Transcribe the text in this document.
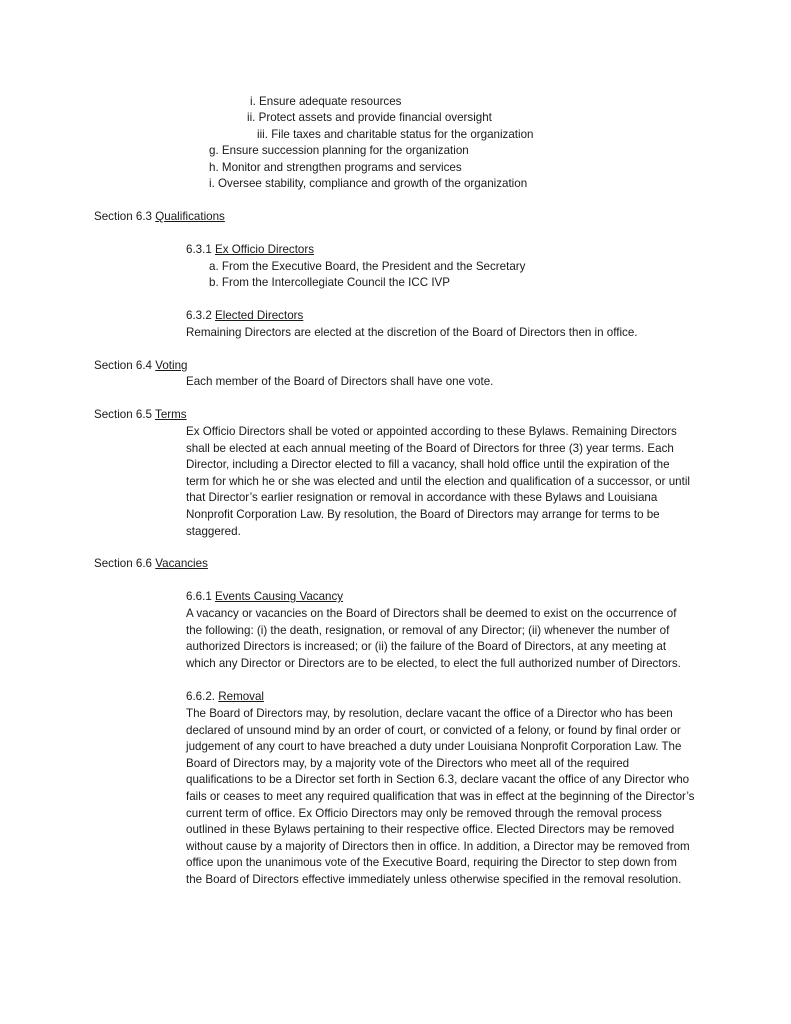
i. Ensure adequate resources
ii. Protect assets and provide financial oversight
iii. File taxes and charitable status for the organization
g. Ensure succession planning for the organization
h. Monitor and strengthen programs and services
i. Oversee stability, compliance and growth of the organization
Section 6.3 Qualifications
6.3.1 Ex Officio Directors
a. From the Executive Board, the President and the Secretary
b. From the Intercollegiate Council the ICC IVP
6.3.2 Elected Directors
Remaining Directors are elected at the discretion of the Board of Directors then in office.
Section 6.4 Voting
Each member of the Board of Directors shall have one vote.
Section 6.5 Terms
Ex Officio Directors shall be voted or appointed according to these Bylaws. Remaining Directors
shall be elected at each annual meeting of the Board of Directors for three (3) year terms. Each
Director, including a Director elected to fill a vacancy, shall hold office until the expiration of the
term for which he or she was elected and until the election and qualification of a successor, or until
that Director’s earlier resignation or removal in accordance with these Bylaws and Louisiana
Nonprofit Corporation Law. By resolution, the Board of Directors may arrange for terms to be
staggered.
Section 6.6 Vacancies
6.6.1 Events Causing Vacancy
A vacancy or vacancies on the Board of Directors shall be deemed to exist on the occurrence of
the following: (i) the death, resignation, or removal of any Director; (ii) whenever the number of
authorized Directors is increased; or (ii) the failure of the Board of Directors, at any meeting at
which any Director or Directors are to be elected, to elect the full authorized number of Directors.
6.6.2. Removal
The Board of Directors may, by resolution, declare vacant the office of a Director who has been
declared of unsound mind by an order of court, or convicted of a felony, or found by final order or
judgement of any court to have breached a duty under Louisiana Nonprofit Corporation Law. The
Board of Directors may, by a majority vote of the Directors who meet all of the required
qualifications to be a Director set forth in Section 6.3, declare vacant the office of any Director who
fails or ceases to meet any required qualification that was in effect at the beginning of the Director’s
current term of office. Ex Officio Directors may only be removed through the removal process
outlined in these Bylaws pertaining to their respective office. Elected Directors may be removed
without cause by a majority of Directors then in office. In addition, a Director may be removed from
office upon the unanimous vote of the Executive Board, requiring the Director to step down from
the Board of Directors effective immediately unless otherwise specified in the removal resolution.
